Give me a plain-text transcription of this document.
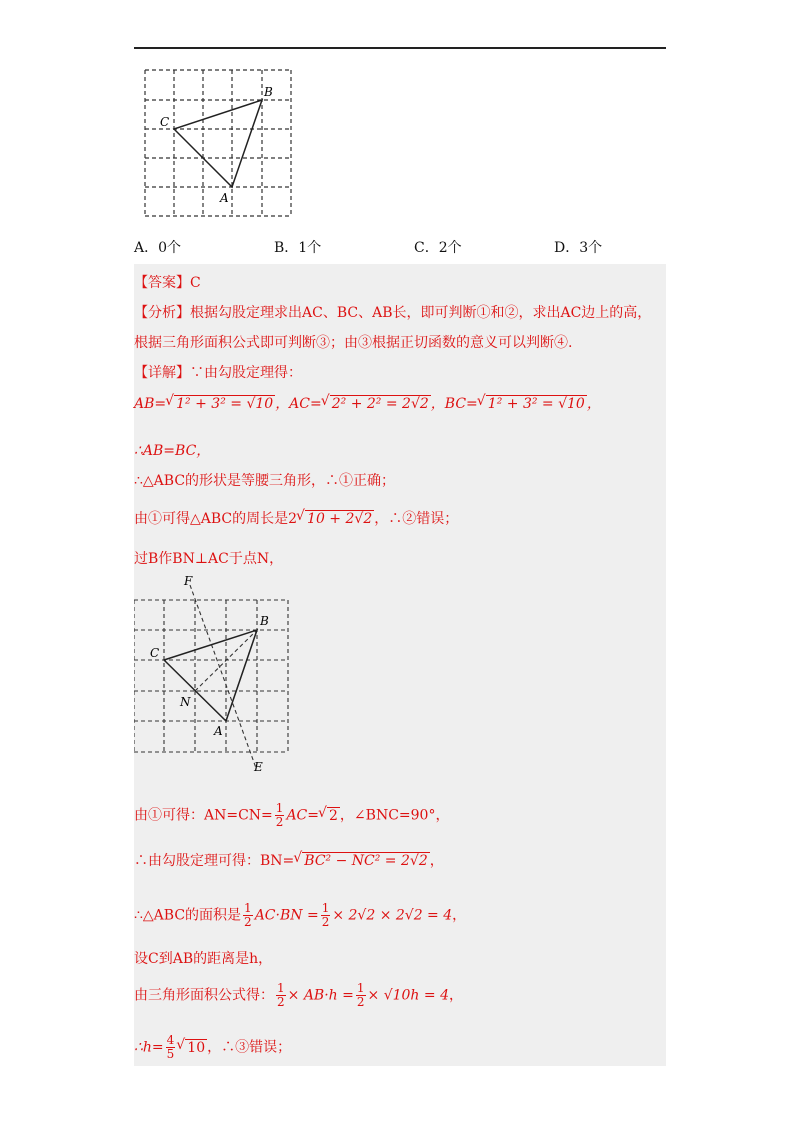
B
C
A
A．0个	B．1个	C．2个	D．3个
【答案】C
【分析】根据勾股定理求出AC、BC、AB长，即可判断①和②，求出AC边上的高，
根据三角形面积公式即可判断③；由③根据正切函数的意义可以判断④.
【详解】∵由勾股定理得：
AB=√ 1² + 3² = √10 ，AC=√ 2² + 2² = 2√2 ，BC=√ 1² + 3² = √10 ，
∴AB=BC，
∴△ABC的形状是等腰三角形，∴①正确；
由①可得△ABC的周长是2√ 10 + 2√2 ，∴②错误；
过B作BN⊥AC于点N，
F
B
C
N
A
E
由①可得：$AN=CN= \frac{1}{2} AC=√$ 2 ，∠BNC=90°，
∴由勾股定理可得：BN=√ BC² − NC² = 2√2 ，
∴△ABC的面积是 $\frac{1}{2} AC\cdot BN = \frac{1}{2} \times 2√2 \times 2√2 = 4$，
设C到AB的距离是h，
由三角形面积公式得： $\frac{1}{2} \times AB\cdot h = \frac{1}{2} \times √10h = 4$，
∴h= $\frac{4}{5}$
√ 10 ，∴③错误；
